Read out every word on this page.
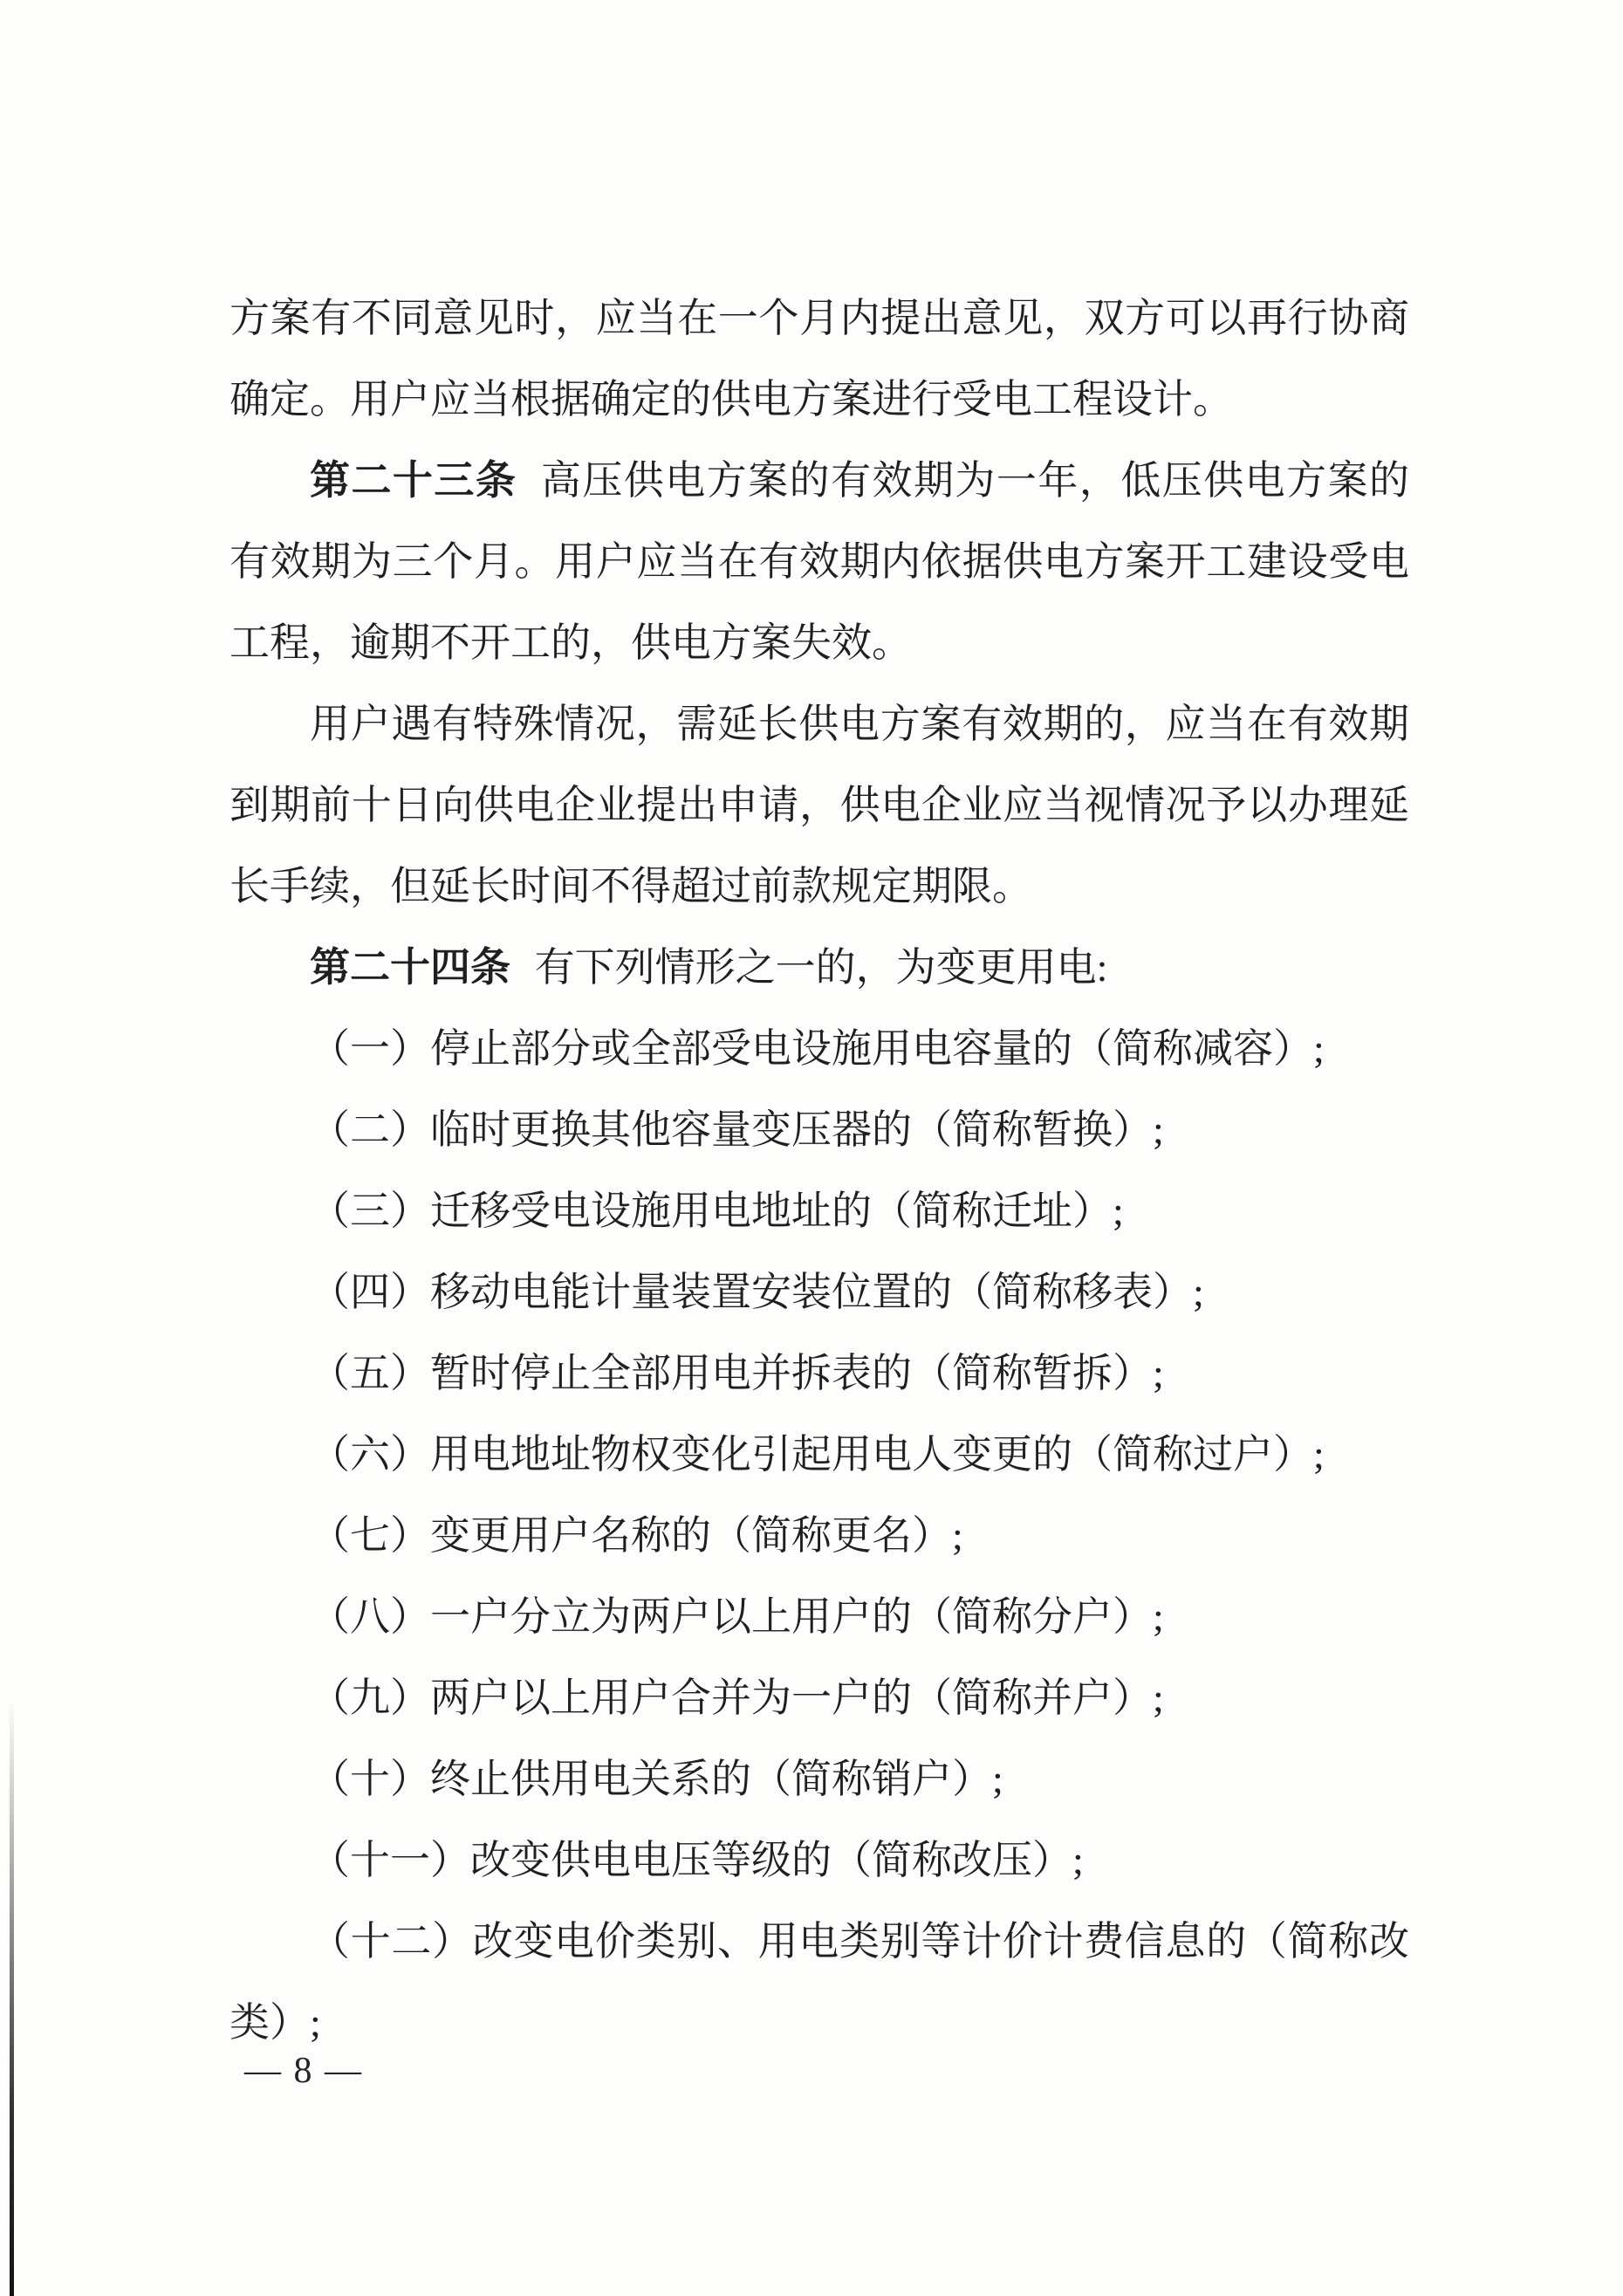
方案有不同意见时，应当在一个月内提出意见，双方可以再行协商
确定。用户应当根据确定的供电方案进行受电工程设计。
第二十三条 高压供电方案的有效期为一年，低压供电方案的
有效期为三个月。用户应当在有效期内依据供电方案开工建设受电
工程，逾期不开工的，供电方案失效。
用户遇有特殊情况，需延长供电方案有效期的，应当在有效期
到期前十日向供电企业提出申请，供电企业应当视情况予以办理延
长手续，但延长时间不得超过前款规定期限。
第二十四条 有下列情形之一的，为变更用电:
（一）停止部分或全部受电设施用电容量的（简称减容）;
（二）临时更换其他容量变压器的（简称暂换）;
（三）迁移受电设施用电地址的（简称迁址）;
（四）移动电能计量装置安装位置的（简称移表）;
（五）暂时停止全部用电并拆表的（简称暂拆）;
（六）用电地址物权变化引起用电人变更的（简称过户）;
（七）变更用户名称的（简称更名）;
（八）一户分立为两户以上用户的（简称分户）;
（九）两户以上用户合并为一户的（简称并户）;
（十）终止供用电关系的（简称销户）;
（十一）改变供电电压等级的（简称改压）;
（十二）改变电价类别、用电类别等计价计费信息的（简称改
类）;
— 8 —
